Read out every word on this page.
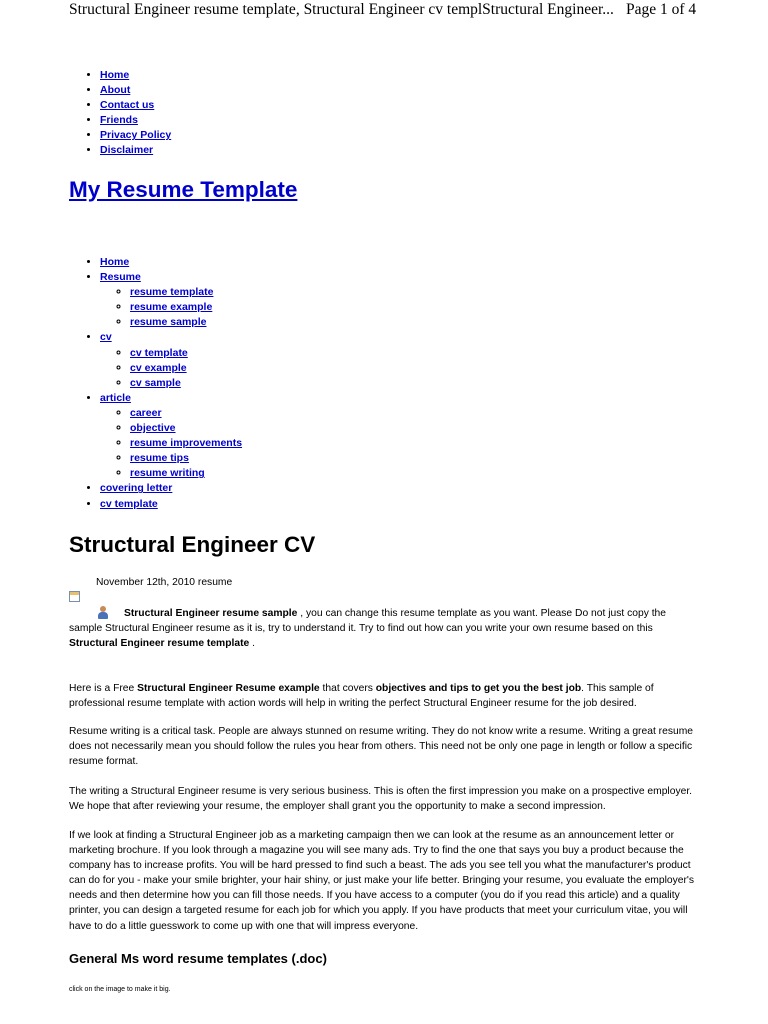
Structural Engineer resume template, Structural Engineer cv templStructural Engineer... Page 1 of 4
• Home
• About
• Contact us
• Friends
• Privacy Policy
• Disclaimer
My Resume Template
• Home
• Resume
◦ resume template
◦ resume example
◦ resume sample
• cv
◦ cv template
◦ cv example
◦ cv sample
• article
◦ career
◦ objective
◦ resume improvements
◦ resume tips
◦ resume writing
• covering letter
• cv template
Structural Engineer CV
November 12th, 2010 resume
Structural Engineer resume sample , you can change this resume template as you want. Please Do not just copy the sample Structural Engineer resume as it is, try to understand it. Try to find out how can you write your own resume based on this Structural Engineer resume template .
Here is a Free Structural Engineer Resume example that covers objectives and tips to get you the best job. This sample of professional resume template with action words will help in writing the perfect Structural Engineer resume for the job desired.
Resume writing is a critical task. People are always stunned on resume writing. They do not know write a resume. Writing a great resume does not necessarily mean you should follow the rules you hear from others. This need not be only one page in length or follow a specific resume format.
The writing a Structural Engineer resume is very serious business. This is often the first impression you make on a prospective employer. We hope that after reviewing your resume, the employer shall grant you the opportunity to make a second impression.
If we look at finding a Structural Engineer job as a marketing campaign then we can look at the resume as an announcement letter or marketing brochure. If you look through a magazine you will see many ads. Try to find the one that says you buy a product because the company has to increase profits. You will be hard pressed to find such a beast. The ads you see tell you what the manufacturer's product can do for you - make your smile brighter, your hair shiny, or just make your life better. Bringing your resume, you evaluate the employer's needs and then determine how you can fill those needs. If you have access to a computer (you do if you read this article) and a quality printer, you can design a targeted resume for each job for which you apply. If you have products that meet your curriculum vitae, you will have to do a little guesswork to come up with one that will impress everyone.
General Ms word resume templates (.doc)
click on the image to make it big.
